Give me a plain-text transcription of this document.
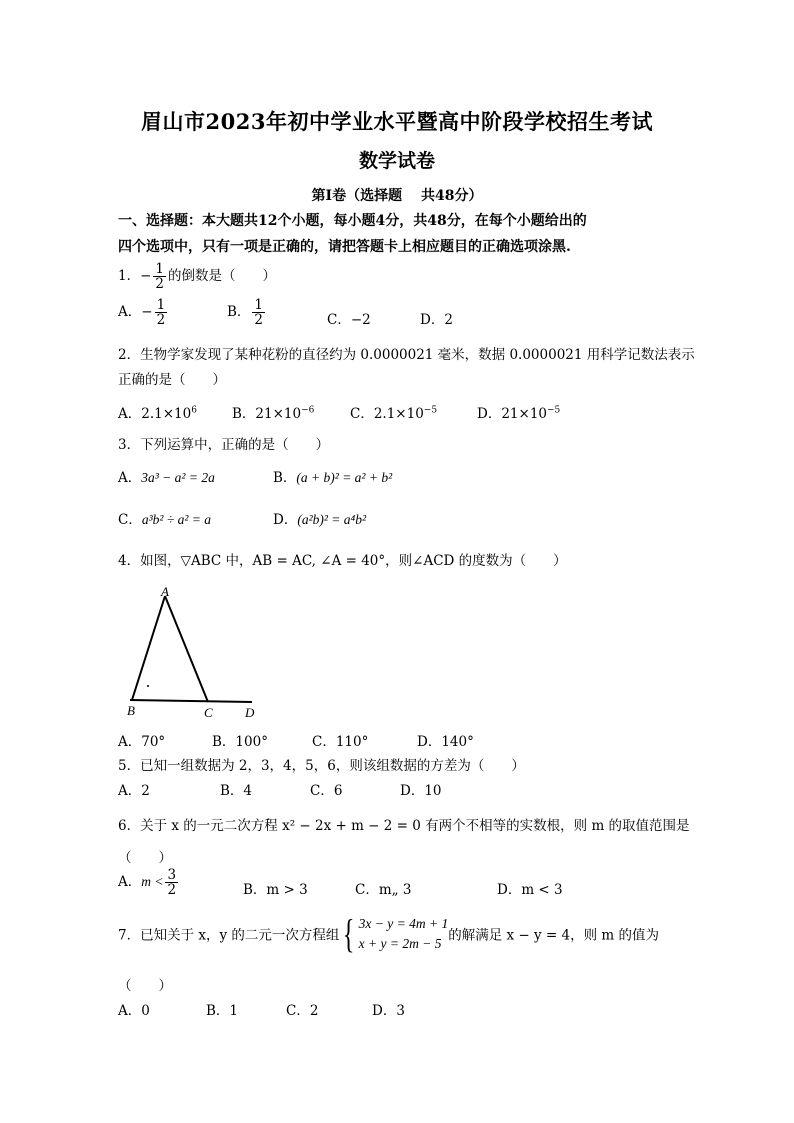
眉山市2023年初中学业水平暨高中阶段学校招生考试
数学试卷
第Ⅰ卷（选择题　 共48分）
一、选择题：本大题共12个小题，每小题4分，共48分，在每个小题给出的
四个选项中，只有一项是正确的，请把答题卡上相应题目的正确选项涂黑.
1．− $\frac{1}{2}$ 的倒数是（　　）
A．− $\frac{1}{2}$	B． $\frac{1}{2}$	C．−2	D．2
2．生物学家发现了某种花粉的直径约为 0.0000021 毫米，数据 0.0000021 用科学记数法表示
正确的是（　　）
A．$2.1\times 10^6$	B．$21\times 10^{-6}$	C．$2.1\times 10^{-5}$	D．$21\times 10^{-5}$
3．下列运算中，正确的是（　　）
A．3a³ − a² = 2a	B．(a + b)² = a² + b²
C．a³b² ÷ a² = a	D．(a²b)² = a⁴b²
4．如图，▽ABC 中，AB = AC, ∠A = 40°，则∠ACD 的度数为（　　）
A
B	C D
A．70°	B．100°	C．110°	D．140°
5．已知一组数据为 2，3，4，5，6，则该组数据的方差为（　　）
A．2	B．4	C．6	D．10
6．关于 x 的一元二次方程 x² − 2x + m − 2 = 0 有两个不相等的实数根，则 m 的取值范围是
（　　）
A．$m < \frac{3}{2}$	B．m > 3	C．m„ 3	D．m < 3
7．已知关于 x，y 的二元一次方程组{ 3x − y = 4m + 1
x + y = 2m − 5 的解满足 x − y = 4，则 m 的值为
（　　）
A．0	B．1	C．2	D．3
